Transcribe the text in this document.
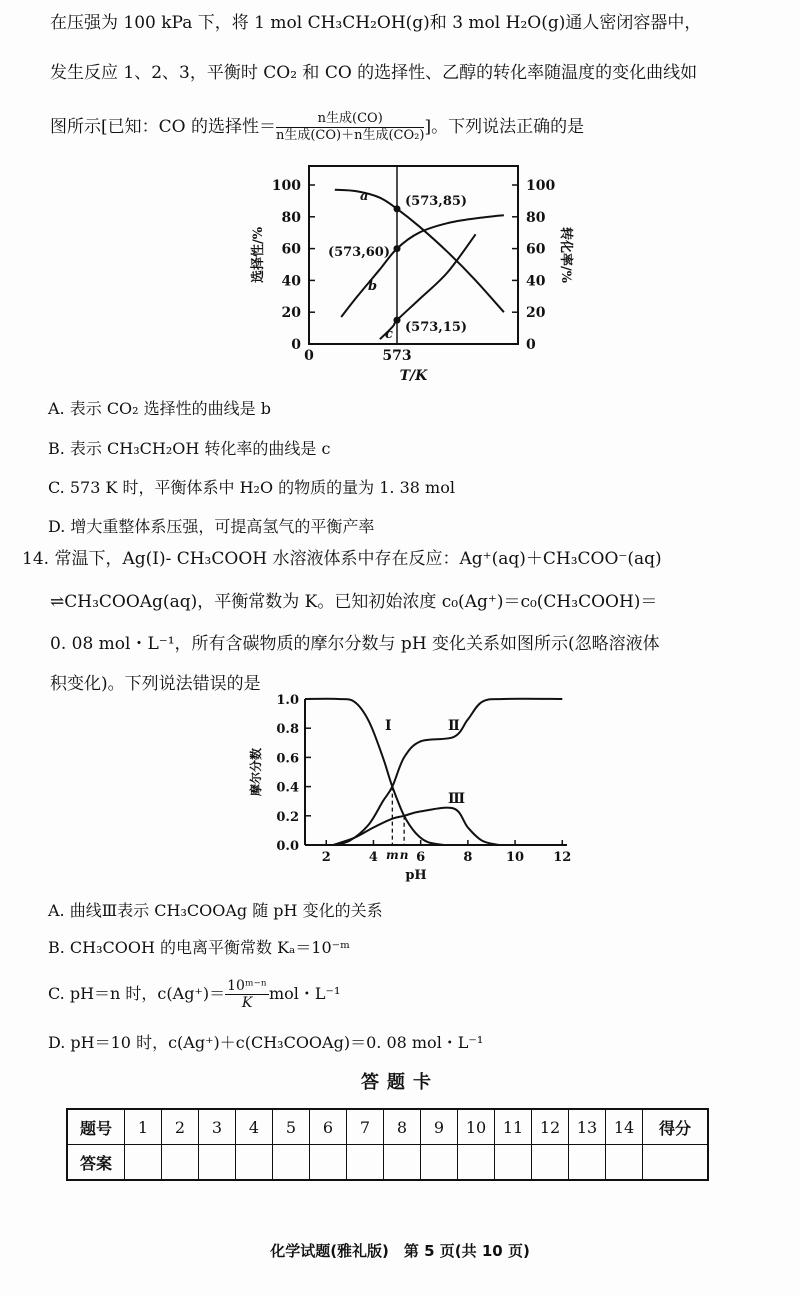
在压强为 100 kPa 下，将 1 mol CH₃CH₂OH(g)和 3 mol H₂O(g)通人密闭容器中，
发生反应 1、2、3，平衡时 CO₂ 和 CO 的选择性、乙醇的转化率随温度的变化曲线如
图所示[已知：CO 的选择性＝ $\frac{\text{n生成(CO)}}{\text{n生成(CO)＋n生成(CO₂)}}$ ]。下列说法正确的是
0
20
40
60
80
100
0
20
40
60
80
100
0	573
T/K
选择性/%	转化率/%
a
b
c
(573,85)
(573,60)
(573,15)
A. 表示 CO₂ 选择性的曲线是 b
B. 表示 CH₃CH₂OH 转化率的曲线是 c
C. 573 K 时，平衡体系中 H₂O 的物质的量为 1. 38 mol
D. 增大重整体系压强，可提高氢气的平衡产率
14. 常温下，Ag(Ⅰ)- CH₃COOH 水溶液体系中存在反应：Ag⁺(aq)＋CH₃COO⁻(aq)
⇌CH₃COOAg(aq)，平衡常数为 K。已知初始浓度 c₀(Ag⁺)＝c₀(CH₃COOH)＝
0. 08 mol・L⁻¹，所有含碳物质的摩尔分数与 pH 变化关系如图所示(忽略溶液体
积变化)。下列说法错误的是
0.0
0.2
0.4
0.6
0.8
1.0
2	4	6	8	10 12
pH
摩尔分数
Ⅰ	Ⅱ
Ⅲ
m n
A. 曲线Ⅲ表示 CH₃COOAg 随 pH 变化的关系
B. CH₃COOH 的电离平衡常数 Kₐ＝10⁻ᵐ
C. pH＝n 时，$c(Ag^+)= \frac{\text{10ᵐ⁻ⁿ}}{K}$ mol・L⁻¹
D. pH＝10 时，c(Ag⁺)＋c(CH₃COOAg)＝0. 08 mol・L⁻¹
答题卡
题号	1	2	3	4	5	6	7	8	9	10	11	12	13	14	得分
答案															
化学试题(雅礼版)　第 5 页(共 10 页)
